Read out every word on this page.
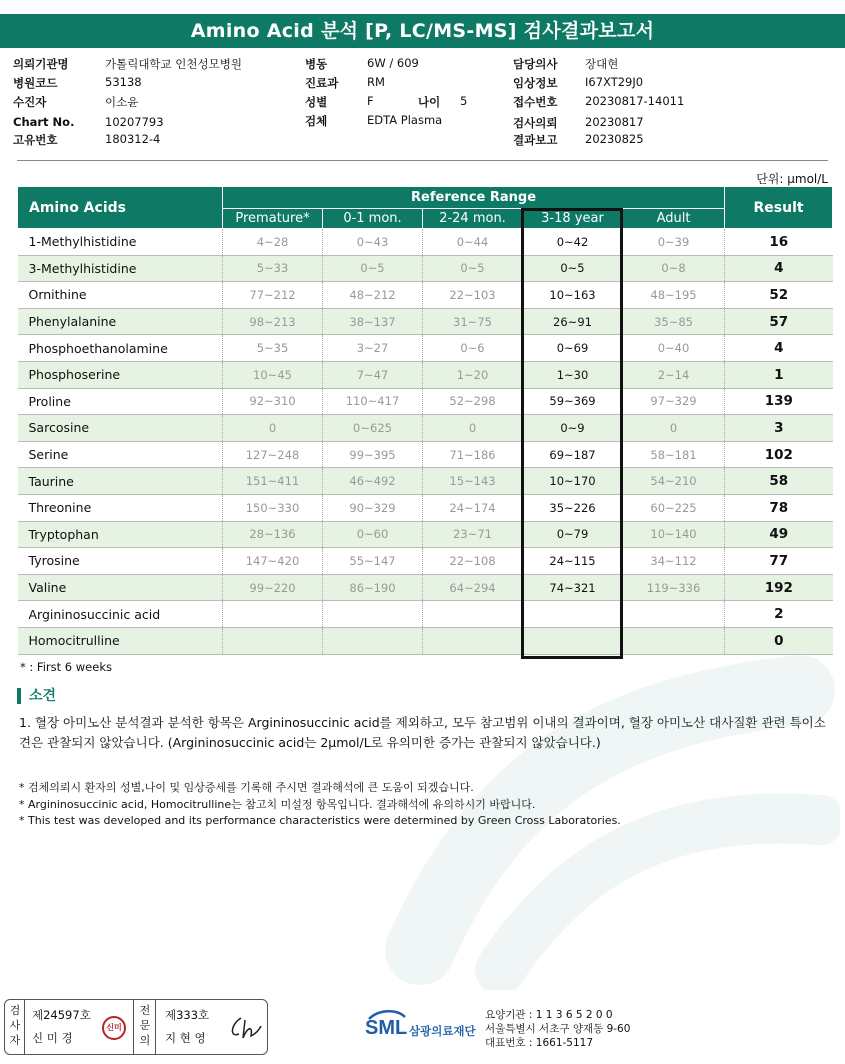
Amino Acid 분석 [P, LC/MS-MS] 검사결과보고서
의뢰기관명	가톨릭대학교 인천성모병원
병원코드	53138
수진자	이소윤
Chart No.	10207793
고유번호	180312-4
병동	6W / 609
진료과 RM
성별	F
검체	EDTA Plasma
나이 5
담당의사 장대현
임상정보 I67XT29J0
접수번호 20230817-14011
검사의뢰 20230817
결과보고 20230825
단위: μmol/L
Amino Acids	Reference Range					Result
	Premature*	0-1 mon.	2-24 mon.	3-18 year	Adult	
1-Methylhistidine	4~28	0~43	0~44	0~42	0~39	16
3-Methylhistidine	5~33	0~5	0~5	0~5	0~8	4
Ornithine	77~212	48~212	22~103	10~163	48~195	52
Phenylalanine	98~213	38~137	31~75	26~91	35~85	57
Phosphoethanolamine	5~35	3~27	0~6	0~69	0~40	4
Phosphoserine	10~45	7~47	1~20	1~30	2~14	1
Proline	92~310	110~417	52~298	59~369	97~329	139
Sarcosine	0	0~625	0	0~9	0	3
Serine	127~248	99~395	71~186	69~187	58~181	102
Taurine	151~411	46~492	15~143	10~170	54~210	58
Threonine	150~330	90~329	24~174	35~226	60~225	78
Tryptophan	28~136	0~60	23~71	0~79	10~140	49
Tyrosine	147~420	55~147	22~108	24~115	34~112	77
Valine	99~220	86~190	64~294	74~321	119~336	192
Argininosuccinic acid						2
Homocitrulline						0
* : First 6 weeks
소견
1. 혈장 아미노산 분석결과 분석한 항목은 Argininosuccinic acid를 제외하고, 모두 참고범위 이내의 결과이며, 혈장 아미노산 대사질환 관련 특이소견은 관찰되지 않았습니다. (Argininosuccinic acid는 2μmol/L로 유의미한 증가는 관찰되지 않았습니다.)
* 검체의뢰시 환자의 성별,나이 및 임상증세를 기록해 주시면 결과해석에 큰 도움이 되겠습니다.
* Argininosuccinic acid, Homocitrulline는 참고치 미설정 항목입니다. 결과해석에 유의하시기 바랍니다.
* This test was developed and its performance characteristics were determined by Green Cross Laboratories.
검
사
자
제24597호
신 미 경
신미
전
문
의
제333호
지 현 영	SML 삼광의료재단
요양기관 : 1 1 3 6 5 2 0 0
서울특별시 서초구 양재동 9-60
대표번호 : 1661-5117
